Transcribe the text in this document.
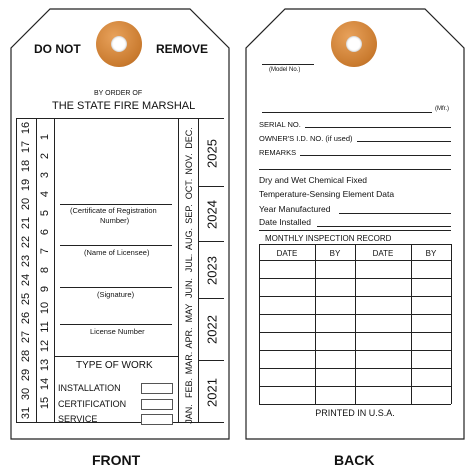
DO NOT	REMOVE
BY ORDER OF
THE STATE FIRE MARSHAL
16
17
18
19
20
21
22
23
24
25
26
27
28
29
30
31
1
2
3
4
5
6
7
8
9
10
11
12
13
14
15
(Certificate of Registration
Number)
(Name of Licensee)
(Signature)
License Number
TYPE OF WORK
INSTALLATION
CERTIFICATION
SERVICE
DEC.
NOV.
OCT.
SEP.
AUG.
JUL.
JUN.
MAY
APR.
MAR.
FEB.
JAN.
2025
2024
2023
2022
2021
FRONT
(Model No.)
(Mfr.)
SERIAL NO.
OWNER'S I.D. NO. (if used)
REMARKS
Dry and Wet Chemical Fixed
Temperature-Sensing Element Data
Year Manufactured
Date Installed
MONTHLY INSPECTION RECORD
DATE	BY	DATE	BY
PRINTED IN U.S.A.
BACK
